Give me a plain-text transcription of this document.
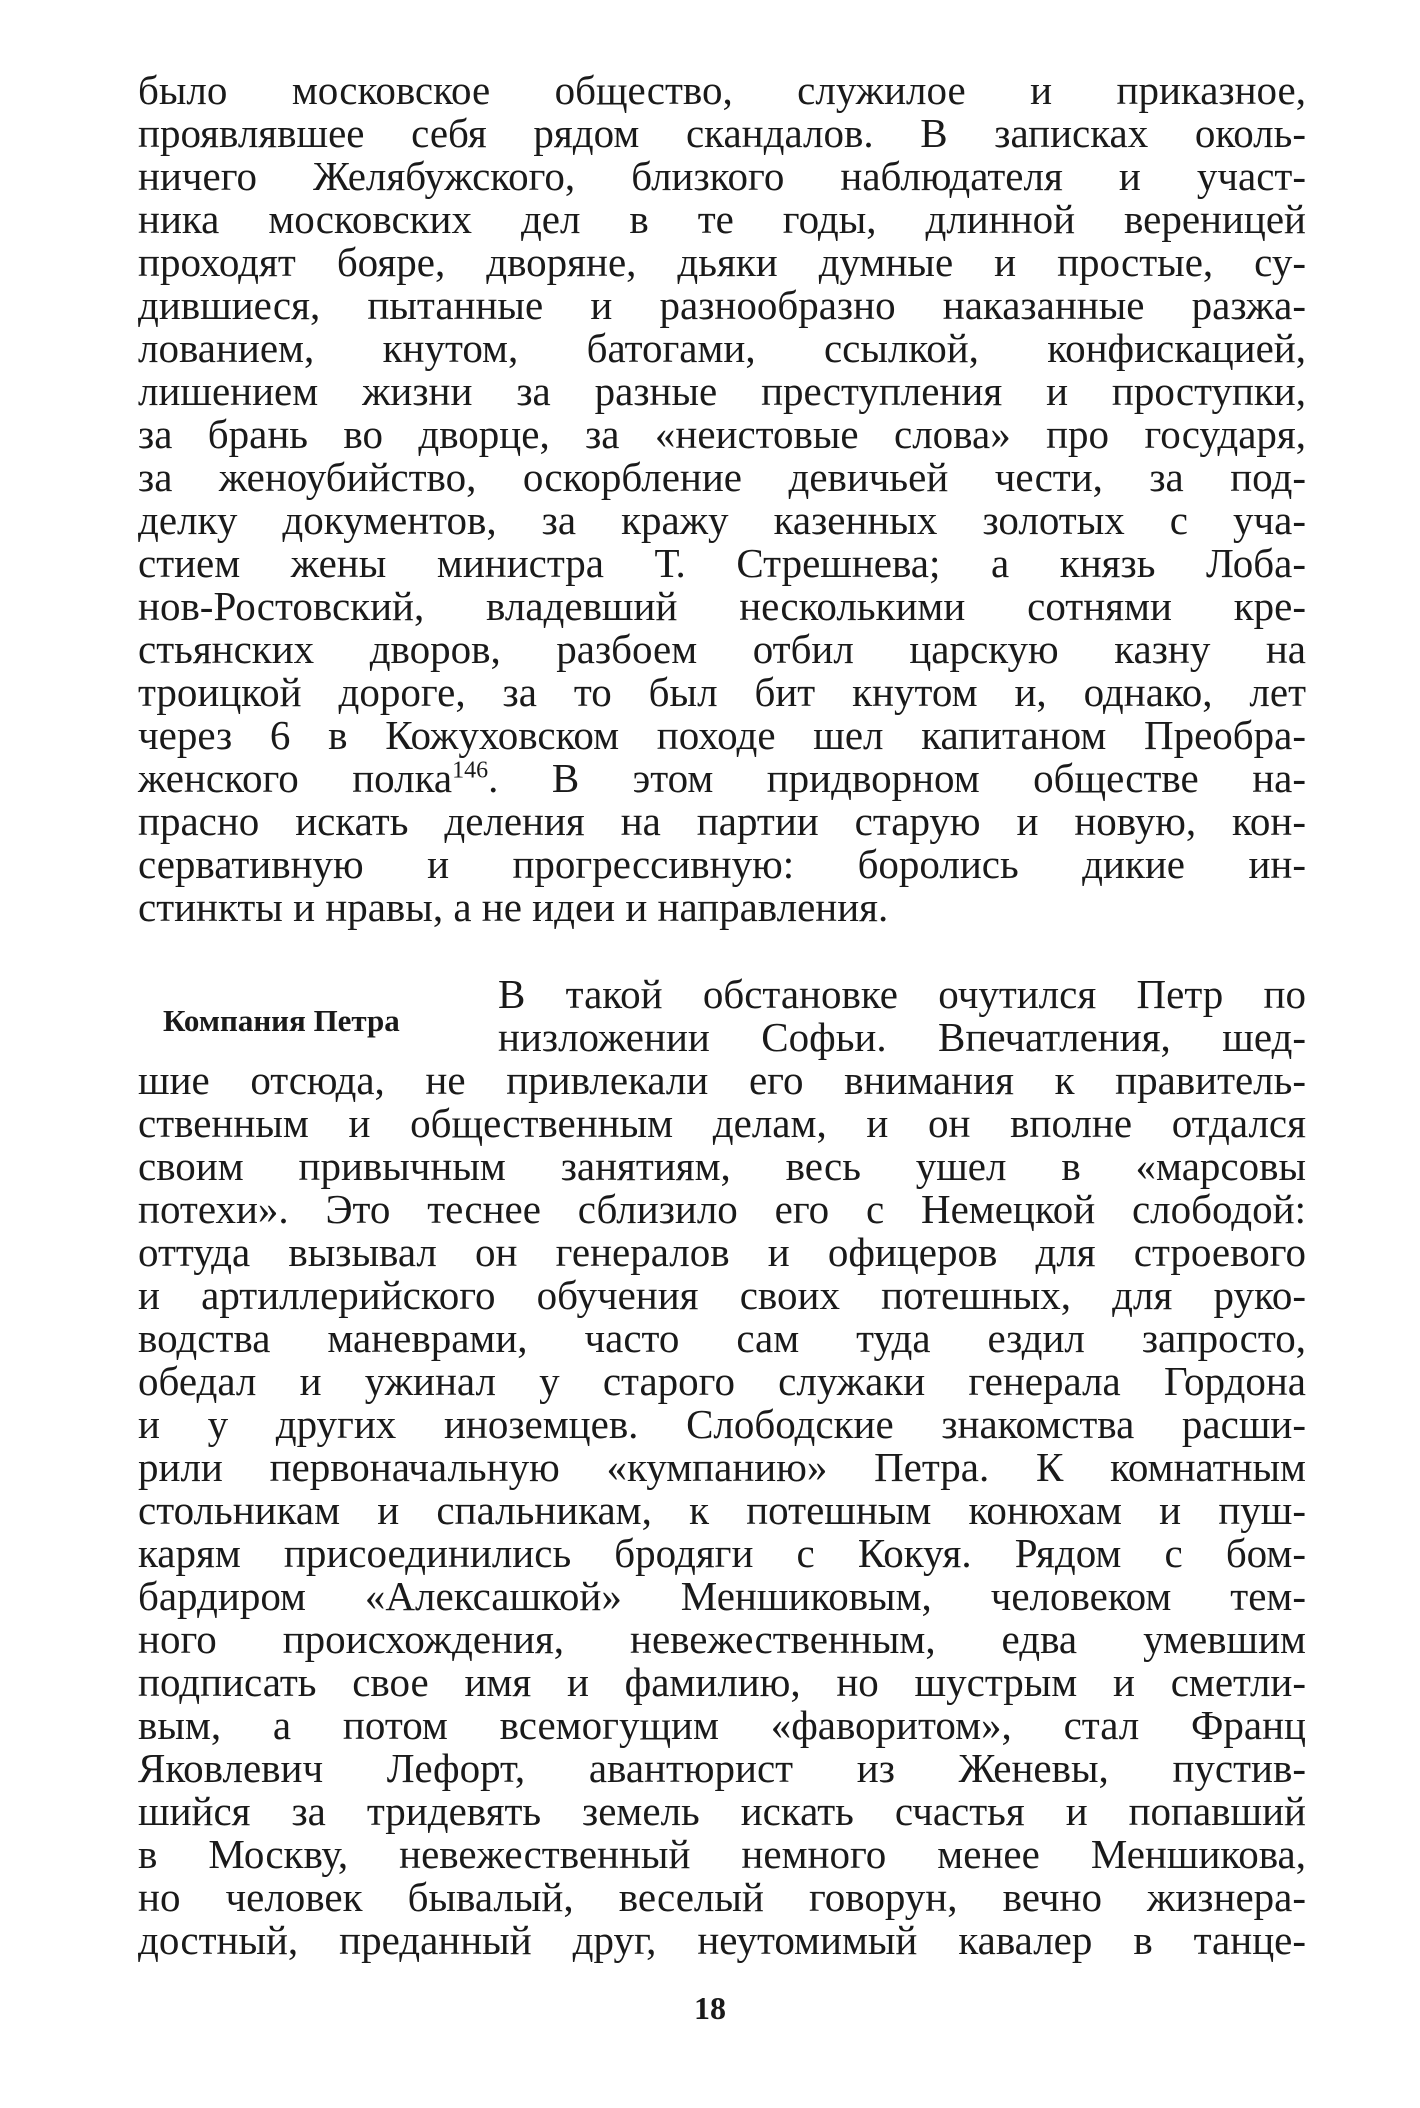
было московское общество, служилое и приказное,
проявлявшее себя рядом скандалов. В записках околь-
ничего Желябужского, близкого наблюдателя и участ-
ника московских дел в те годы, длинной вереницей
проходят бояре, дворяне, дьяки думные и простые, су-
дившиеся, пытанные и разнообразно наказанные разжа-
лованием, кнутом, батогами, ссылкой, конфискацией,
лишением жизни за разные преступления и проступки,
за брань во дворце, за «неистовые слова» про государя,
за женоубийство, оскорбление девичьей чести, за под-
делку документов, за кражу казенных золотых с уча-
стием жены министра Т. Стрешнева; а князь Лоба-
нов-Ростовский, владевший несколькими сотнями кре-
стьянских дворов, разбоем отбил царскую казну на
троицкой дороге, за то был бит кнутом и, однако, лет
через 6 в Кожуховском походе шел капитаном Преобра-
женского полка$^{146}$. В этом придворном обществе на-
прасно искать деления на партии старую и новую, кон-
сервативную и прогрессивную: боролись дикие ин-
стинкты и нравы, а не идеи и направления.
Компания Петра
В такой обстановке очутился Петр по
низложении Софьи. Впечатления, шед-
шие отсюда, не привлекали его внимания к правитель-
ственным и общественным делам, и он вполне отдался
своим привычным занятиям, весь ушел в «марсовы
потехи». Это теснее сблизило его с Немецкой слободой:
оттуда вызывал он генералов и офицеров для строевого
и артиллерийского обучения своих потешных, для руко-
водства маневрами, часто сам туда ездил запросто,
обедал и ужинал у старого служаки генерала Гордона
и у других иноземцев. Слободские знакомства расши-
рили первоначальную «кумпанию» Петра. К комнатным
стольникам и спальникам, к потешным конюхам и пуш-
карям присоединились бродяги с Кокуя. Рядом с бом-
бардиром «Алексашкой» Меншиковым, человеком тем-
ного происхождения, невежественным, едва умевшим
подписать свое имя и фамилию, но шустрым и сметли-
вым, а потом всемогущим «фаворитом», стал Франц
Яковлевич Лефорт, авантюрист из Женевы, пустив-
шийся за тридевять земель искать счастья и попавший
в Москву, невежественный немного менее Меншикова,
но человек бывалый, веселый говорун, вечно жизнера-
достный, преданный друг, неутомимый кавалер в танце-
18
